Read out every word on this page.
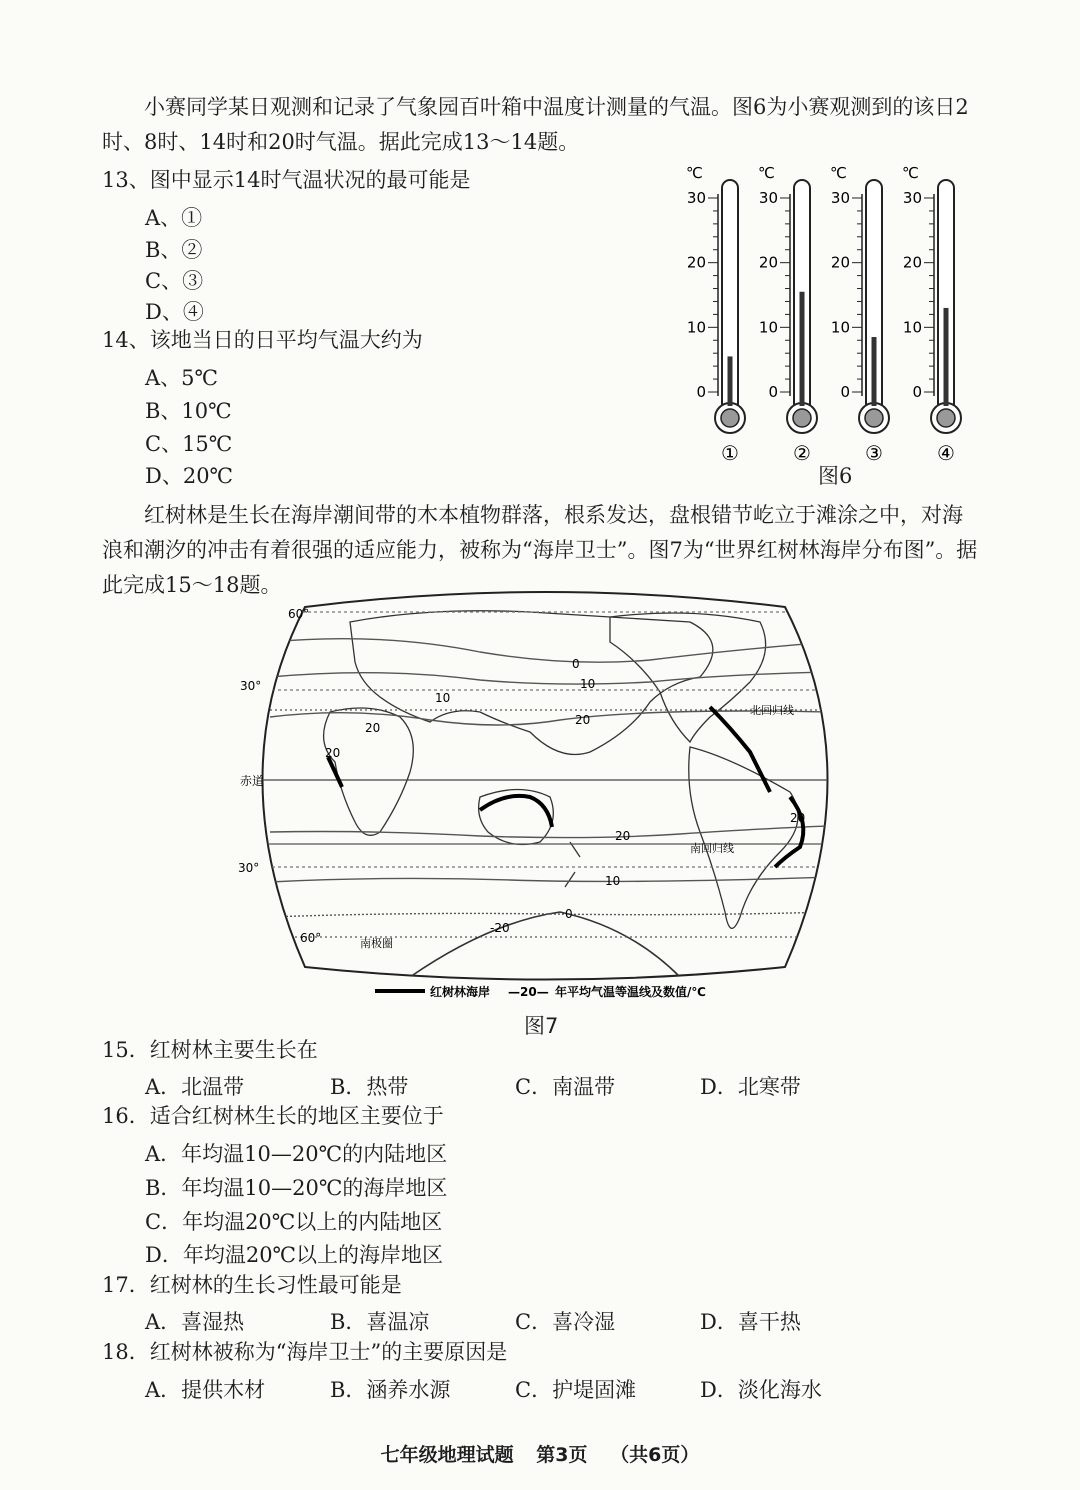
小赛同学某日观测和记录了气象园百叶箱中温度计测量的气温。图6为小赛观测到的该日2时、8时、14时和20时气温。据此完成13～14题。
13、图中显示14时气温状况的最可能是
A、①
B、②
C、③
D、④
14、该地当日的日平均气温大约为
A、5℃
B、10℃
C、15℃
D、20℃
℃
30
20
10
0
①
℃
30
20
10
0
②
℃
30
20
10
0
③
℃
30
20
10
0
④
图6
红树林是生长在海岸潮间带的木本植物群落，根系发达，盘根错节屹立于滩涂之中，对海浪和潮汐的冲击有着很强的适应能力，被称为“海岸卫士”。图7为“世界红树林海岸分布图”。据此完成15～18题。
60°
30°
赤道
30°
60°
北回归线
南回归线
南极圈
0
10
20
20
10
20
20
20
10
0
-20
红树林海岸 —20— 年平均气温等温线及数值/℃
图7
15．红树林主要生长在
A．北温带	B．热带	C．南温带	D．北寒带
16．适合红树林生长的地区主要位于
A．年均温10—20℃的内陆地区
B．年均温10—20℃的海岸地区
C．年均温20℃以上的内陆地区
D．年均温20℃以上的海岸地区
17．红树林的生长习性最可能是
A．喜湿热	B．喜温凉	C．喜冷湿	D．喜干热
18．红树林被称为“海岸卫士”的主要原因是
A．提供木材	B．涵养水源	C．护堤固滩	D．淡化海水
七年级地理试题 第3页 （共6页）
